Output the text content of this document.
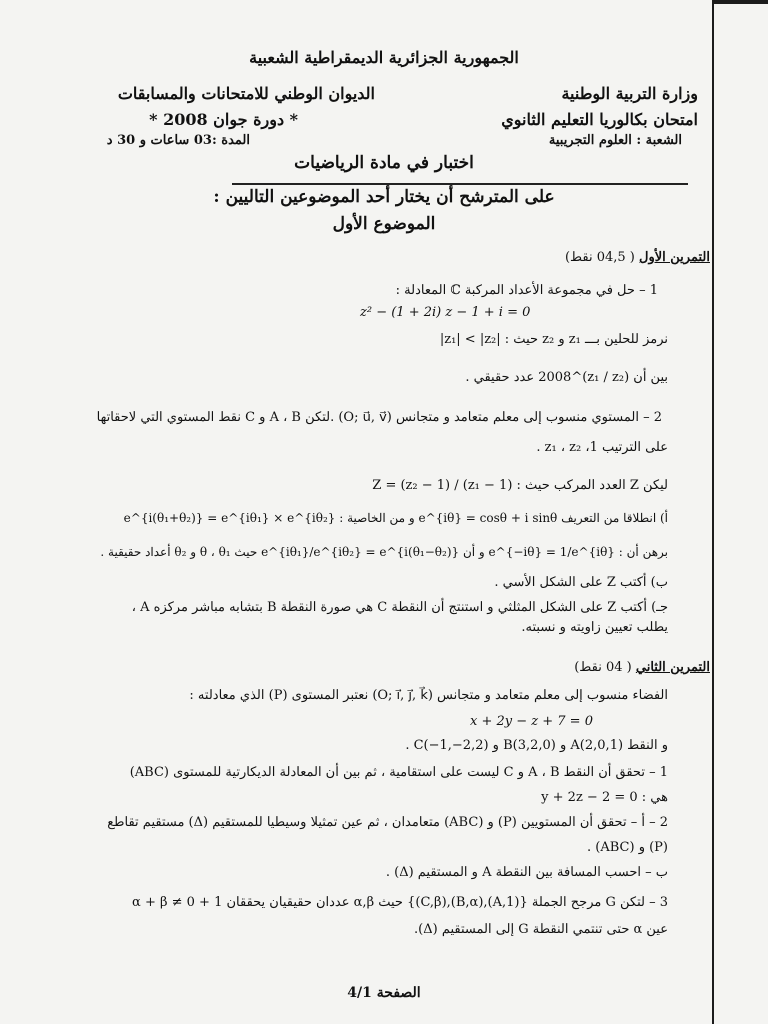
الجمهورية الجزائرية الديمقراطية الشعبية
وزارة التربية الوطنية
الديوان الوطني للامتحانات والمسابقات
امتحان بكالوريا التعليم الثانوي
* دورة جوان 2008 *
الشعبة : العلوم التجريبية
المدة :03 ساعات و 30 د
اختبار في مادة الرياضيات
على المترشح أن يختار أحد الموضوعين التاليين :
الموضوع الأول
التمرين الأول ( 04,5 نقط)
1 – حل في مجموعة الأعداد المركبة ℂ المعادلة :
z² − (1 + 2i) z − 1 + i = 0
نرمز للحلين بـــ z₁ و z₂ حيث : |z₁| < |z₂|
بين أن (z₁ / z₂)^2008 عدد حقيقي .
2 – المستوي منسوب إلى معلم متعامد و متجانس (O; u⃗, v⃗) .لتكن A ، B و C نقط المستوي التي لاحقاتها
على الترتيب 1، z₁ ، z₂ .
ليكن Z العدد المركب حيث : Z = (z₂ − 1) / (z₁ − 1)
أ) انطلاقا من التعريف e^{iθ} = cosθ + i sinθ و من الخاصية : e^{i(θ₁+θ₂)} = e^{iθ₁} × e^{iθ₂}
برهن أن : e^{−iθ} = 1/e^{iθ} و أن e^{iθ₁}/e^{iθ₂} = e^{i(θ₁−θ₂)} حيث θ ، θ₁ و θ₂ أعداد حقيقية .
ب) أكتب Z على الشكل الأسي .
جـ) أكتب Z على الشكل المثلثي و استنتج أن النقطة C هي صورة النقطة B بتشابه مباشر مركزه A ،
يطلب تعيين زاويته و نسبته.
التمرين الثاني ( 04 نقط)
الفضاء منسوب إلى معلم متعامد و متجانس (O; i⃗, j⃗, k⃗) نعتبر المستوى (P) الذي معادلته :
x + 2y − z + 7 = 0
و النقط A(2,0,1) و B(3,2,0) و C(−1,−2,2) .
1 – تحقق أن النقط A ، B و C ليست على استقامية ، ثم بين أن المعادلة الديكارتية للمستوى (ABC)
هي : y + 2z − 2 = 0
2 – أ – تحقق أن المستويين (P) و (ABC) متعامدان ، ثم عين تمثيلا وسيطيا للمستقيم (Δ) مستقيم تقاطع
(P) و (ABC) .
ب – احسب المسافة بين النقطة A و المستقيم (Δ) .
3 – لتكن G مرجح الجملة {(A,1),(B,α),(C,β)} حيث α,β عددان حقيقيان يحققان 1 + α + β ≠ 0
عين α حتى تنتمي النقطة G إلى المستقيم (Δ).
الصفحة 4/1
